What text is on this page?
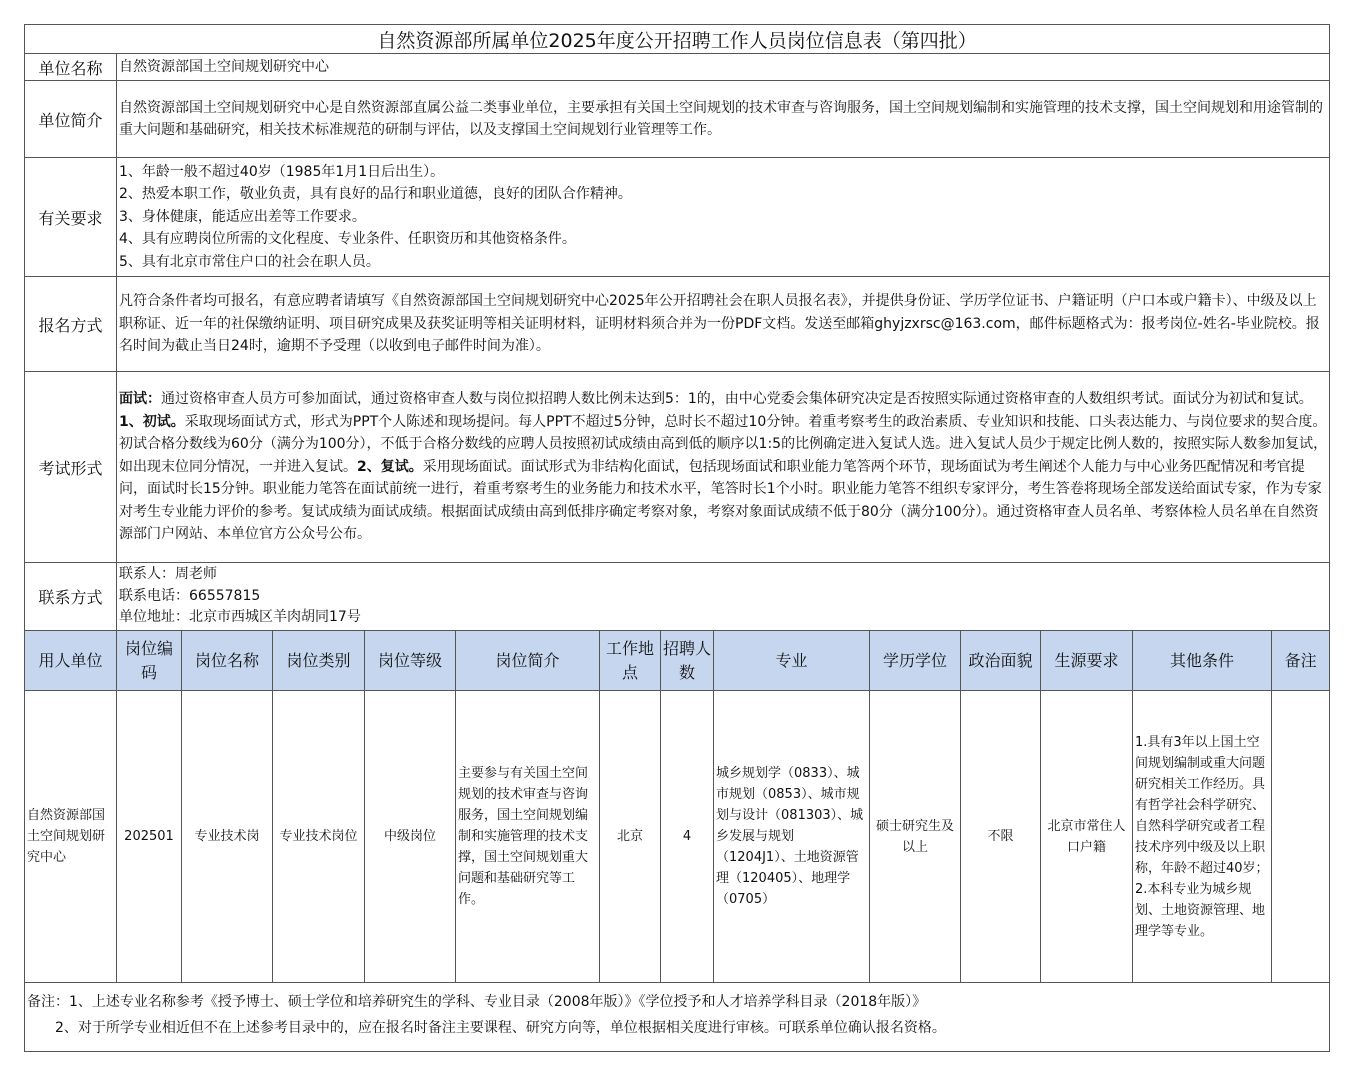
自然资源部所属单位2025年度公开招聘工作人员岗位信息表（第四批）													
单位名称	自然资源部国土空间规划研究中心												
单位简介	自然资源部国土空间规划研究中心是自然资源部直属公益二类事业单位，主要承担有关国土空间规划的技术审查与咨询服务，国土空间规划编制和实施管理的技术支撑，国土空间规划和用途管制的重大问题和基础研究，相关技术标准规范的研制与评估，以及支撑国土空间规划行业管理等工作。												
有关要求	1、年龄一般不超过40岁（1985年1月1日后出生）。
2、热爱本职工作，敬业负责，具有良好的品行和职业道德，良好的团队合作精神。
3、身体健康，能适应出差等工作要求。
4、具有应聘岗位所需的文化程度、专业条件、任职资历和其他资格条件。
5、具有北京市常住户口的社会在职人员。												

报名方式	凡符合条件者均可报名，有意应聘者请填写《自然资源部国土空间规划研究中心2025年公开招聘社会在职人员报名表》，并提供身份证、学历学位证书、户籍证明（户口本或户籍卡）、中级及以上职称证、近一年的社保缴纳证明、项目研究成果及获奖证明等相关证明材料，证明材料须合并为一份PDF文档。发送至邮箱ghyjzxrsc@163.com，邮件标题格式为：报考岗位-姓名-毕业院校。报名时间为截止当日24时，逾期不予受理（以收到电子邮件时间为准）。												
考试形式	面试：通过资格审查人员方可参加面试，通过资格审查人数与岗位拟招聘人数比例未达到5：1的，由中心党委会集体研究决定是否按照实际通过资格审查的人数组织考试。面试分为初试和复试。1、初试。采取现场面试方式，形式为PPT个人陈述和现场提问。每人PPT不超过5分钟，总时长不超过10分钟。着重考察考生的政治素质、专业知识和技能、口头表达能力、与岗位要求的契合度。初试合格分数线为60分（满分为100分），不低于合格分数线的应聘人员按照初试成绩由高到低的顺序以1:5的比例确定进入复试人选。进入复试人员少于规定比例人数的，按照实际人数参加复试，如出现末位同分情况，一并进入复试。2、复试。采用现场面试。面试形式为非结构化面试，包括现场面试和职业能力笔答两个环节，现场面试为考生阐述个人能力与中心业务匹配情况和考官提问，面试时长15分钟。职业能力笔答在面试前统一进行，着重考察考生的业务能力和技术水平，笔答时长1个小时。职业能力笔答不组织专家评分，考生答卷将现场全部发送给面试专家，作为专家对考生专业能力评价的参考。复试成绩为面试成绩。根据面试成绩由高到低排序确定考察对象，考察对象面试成绩不低于80分（满分100分）。通过资格审查人员名单、考察体检人员名单在自然资源部门户网站、本单位官方公众号公布。												
联系方式	联系人：周老师
联系电话：66557815
单位地址：北京市西城区羊肉胡同17号												

用人单位	岗位编码	岗位名称	岗位类别	岗位等级	岗位简介	工作地点	招聘人数	专业	学历学位	政治面貌	生源要求	其他条件	备注
自然资源部国土空间规划研究中心	202501	专业技术岗	专业技术岗位	中级岗位	主要参与有关国土空间规划的技术审查与咨询服务，国土空间规划编制和实施管理的技术支撑，国土空间规划重大问题和基础研究等工作。	北京	4	城乡规划学（0833）、城市规划（0853）、城市规划与设计（081303）、城乡发展与规划（1204J1）、土地资源管理（120405）、地理学（0705）	硕士研究生及以上	不限	北京市常住人口户籍	1.具有3年以上国土空间规划编制或重大问题研究相关工作经历。具有哲学社会科学研究、自然科学研究或者工程技术序列中级及以上职称，年龄不超过40岁；
2.本科专业为城乡规划、土地资源管理、地理学等专业。	

备注：1、上述专业名称参考《授予博士、硕士学位和培养研究生的学科、专业目录（2008年版）》《学位授予和人才培养学科目录（2018年版）》
2、对于所学专业相近但不在上述参考目录中的，应在报名时备注主要课程、研究方向等，单位根据相关度进行审核。可联系单位确认报名资格。													
